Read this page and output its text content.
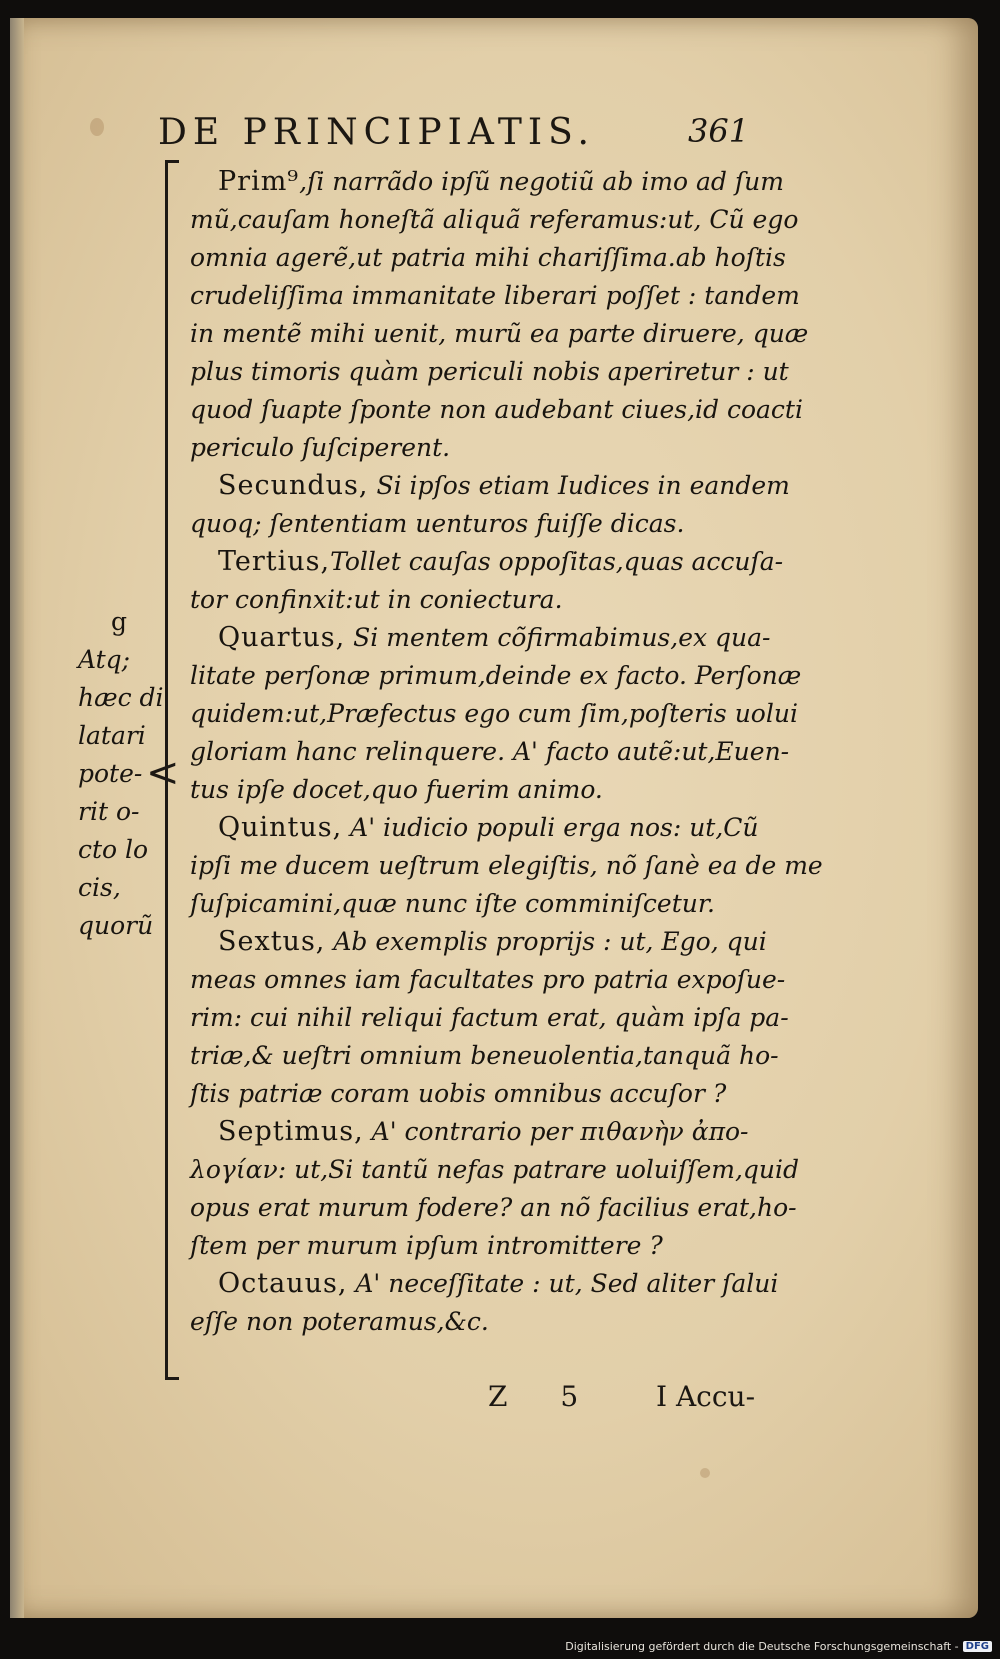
DE PRINCIPIATIS.	361
<
g
Atq;
hæc di
latari
pote-
rit o-
cto lo
cis,
quorũ
Prim⁹,ſi narrãdo ipſũ negotiũ ab imo ad ſum
mũ,cauſam honeſtã aliquã referamus:ut, Cũ ego
omnia agerẽ,ut patria mihi chariſſima.ab hoſtis
crudeliſſima immanitate liberari poſſet : tandem
in mentẽ mihi uenit, murũ ea parte diruere, quæ
plus timoris quàm periculi nobis aperiretur : ut
quod ſuapte ſponte non audebant ciues,id coacti
periculo ſuſciperent.
Secundus, Si ipſos etiam Iudices in eandem
quoq; ſententiam uenturos fuiſſe dicas.
Tertius,Tollet cauſas oppoſitas,quas accuſa-
tor confinxit:ut in coniectura.
Quartus, Si mentem cõfirmabimus,ex qua-
litate perſonæ primum,deinde ex facto. Perſonæ
quidem:ut,Præfectus ego cum ſim,poſteris uolui
gloriam hanc relinquere. A' facto autẽ:ut,Euen-
tus ipſe docet,quo fuerim animo.
Quintus, A' iudicio populi erga nos: ut,Cũ
ipſi me ducem ueſtrum elegiſtis, nõ ſanè ea de me
ſuſpicamini,quæ nunc iſte comminiſcetur.
Sextus, Ab exemplis proprijs : ut, Ego, qui
meas omnes iam facultates pro patria expoſue-
rim: cui nihil reliqui factum erat, quàm ipſa pa-
triæ,& ueſtri omnium beneuolentia,tanquã ho-
ſtis patriæ coram uobis omnibus accuſor ?
Septimus, A' contrario per πιθανὴν ἀπο-
λογίαν: ut,Si tantũ nefas patrare uoluiſſem,quid
opus erat murum fodere? an nõ facilius erat,ho-
ſtem per murum ipſum intromittere ?
Octauus, A' neceſſitate : ut, Sed aliter ſalui
eſſe non poteramus,&c.
Z 5 I Accu-
Digitalisierung gefördert durch die Deutsche Forschungsgemeinschaft - DFG
